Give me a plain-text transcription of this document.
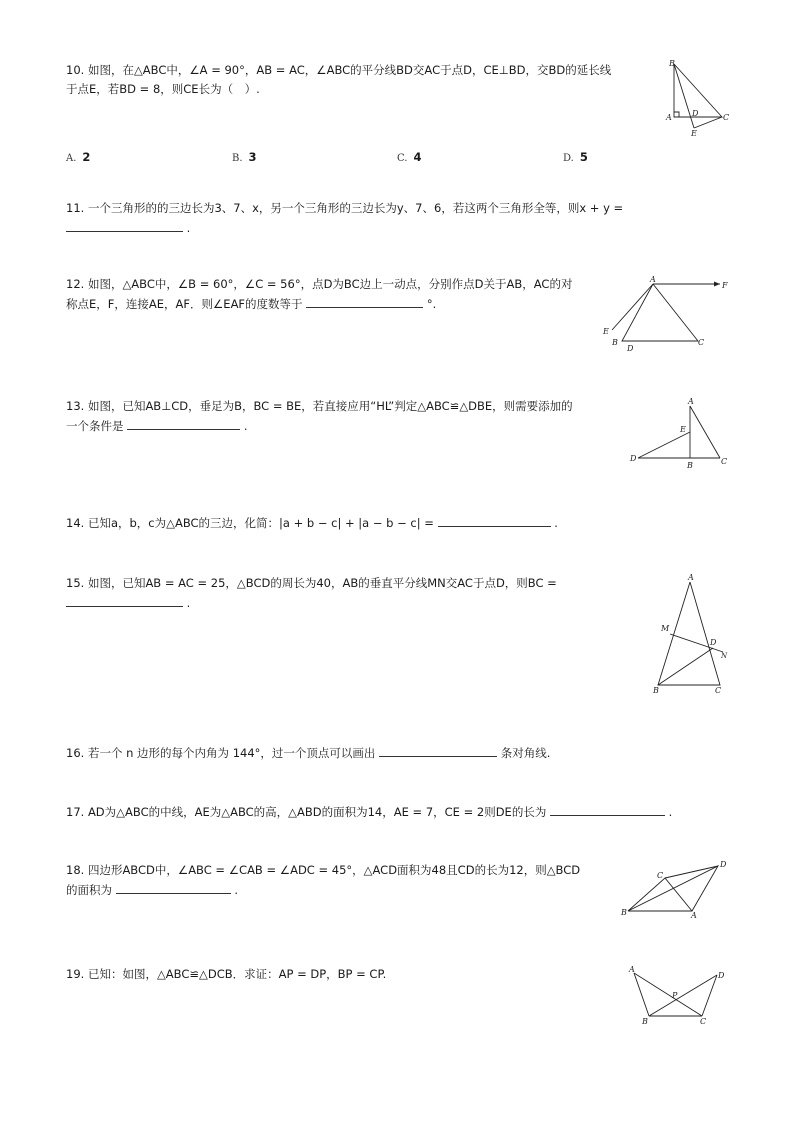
10. 如图，在△ABC中，∠A = 90°，AB = AC，∠ABC的平分线BD交AC于点D，CE⊥BD，交BD的延长线
于点E，若BD = 8，则CE长为（　）.
A. 2	B. 3	C. 4	D. 5
B
A	D	C
E
11. 一个三角形的的三边长为3、7、x，另一个三角形的三边长为y、7、6，若这两个三角形全等，则x + y =
.
12. 如图，△ABC中，∠B = 60°，∠C = 56°，点D为BC边上一动点，分别作点D关于AB，AC的对
称点E，F，连接AE，AF．则∠EAF的度数等于	°.
A
F
E
B
D
C
13. 如图，已知AB⊥CD，垂足为B，BC = BE，若直接应用“HL”判定△ABC≌△DBE，则需要添加的
一个条件是	.
A
E
D
B	C
14. 已知a，b，c为△ABC的三边，化简：|a + b − c| + |a − b − c| =	.
15. 如图，已知AB = AC = 25，△BCD的周长为40，AB的垂直平分线MN交AC于点D，则BC =
.
A
M
D
N
B	C
16. 若一个 n 边形的每个内角为 144°，过一个顶点可以画出	条对角线.
17. AD为△ABC的中线，AE为△ABC的高，△ABD的面积为14，AE = 7，CE = 2则DE的长为	.
18. 四边形ABCD中，∠ABC = ∠CAB = ∠ADC = 45°，△ACD面积为48且CD的长为12，则△BCD
的面积为	.
D
C
B	A
19. 已知：如图，△ABC≌△DCB．求证：AP = DP，BP = CP.	A
D
P
B	C
